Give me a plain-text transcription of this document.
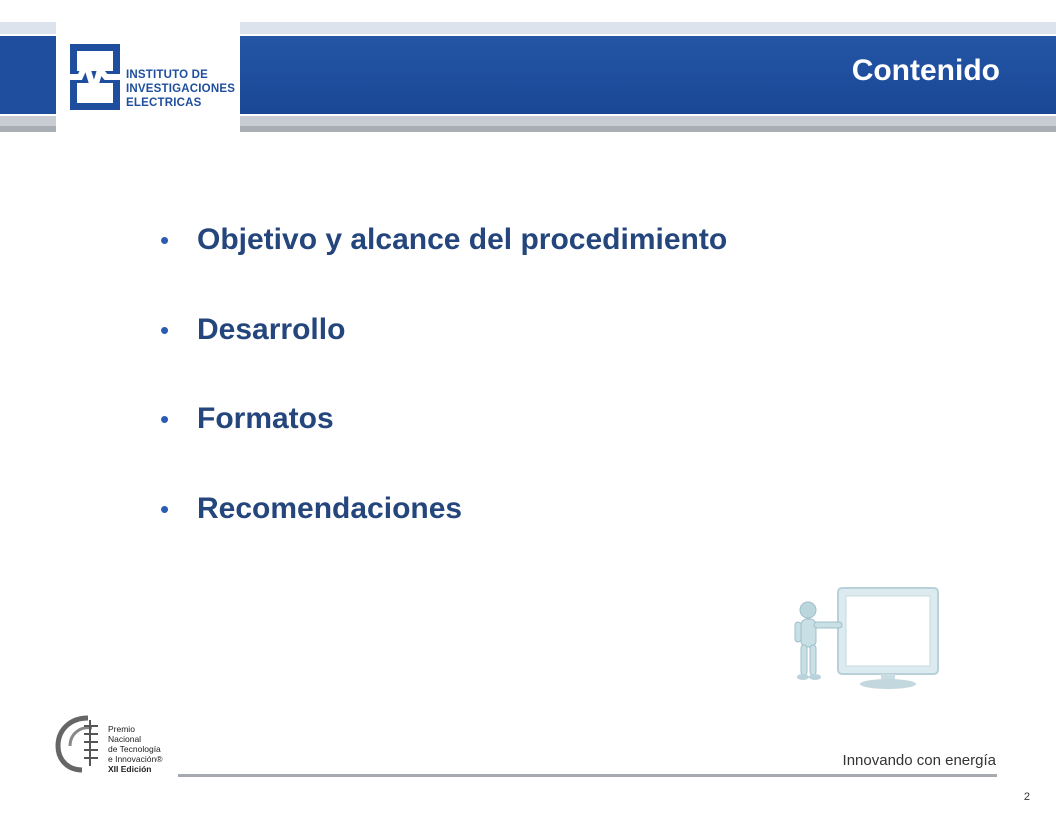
INSTITUTO DE
INVESTIGACIONES
ELECTRICAS
Contenido
• Objetivo y alcance del procedimiento
• Desarrollo
• Formatos
• Recomendaciones
Premio
Nacional
de Tecnología
e Innovación®
XII Edición	Innovando con energía
2
